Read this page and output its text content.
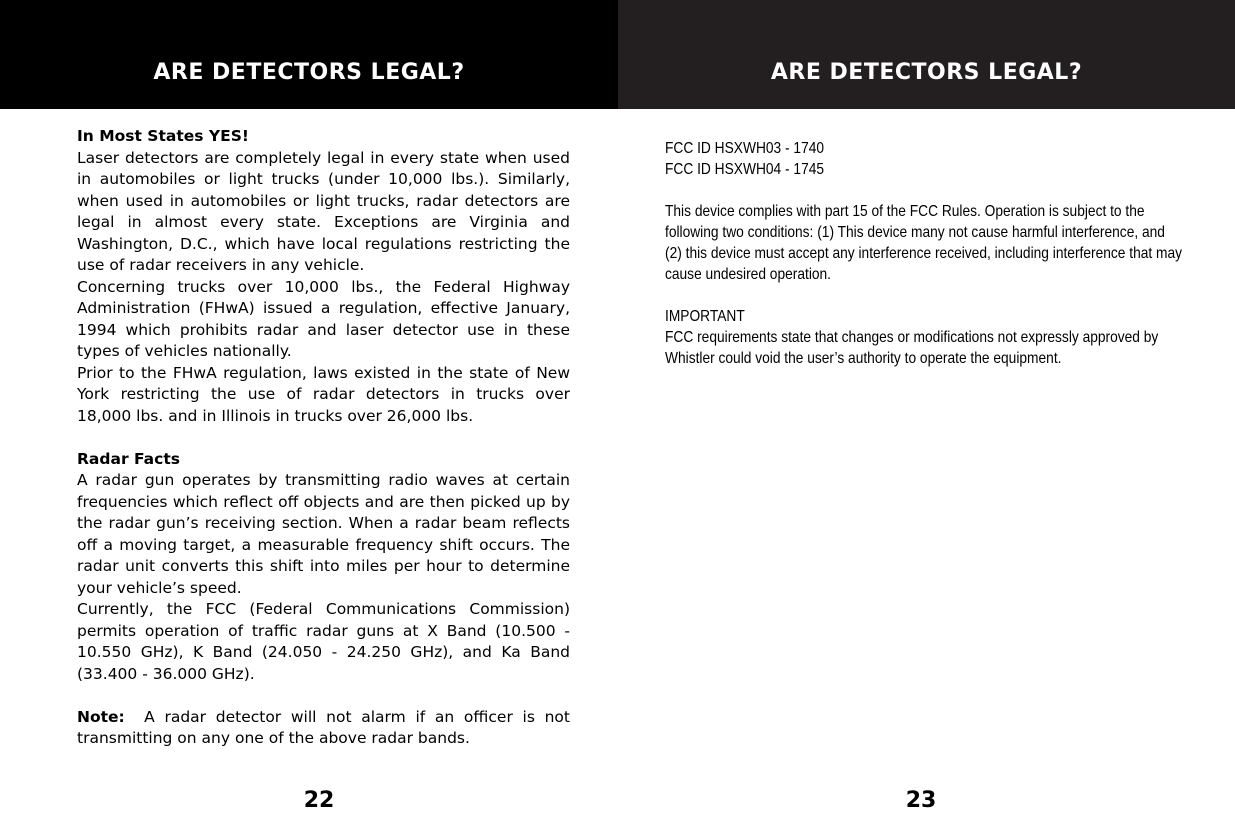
ARE DETECTORS LEGAL?

In Most States YES!

Laser detectors are completely legal in every state when used in automobiles or light trucks (under 10,000 lbs.). Similarly, when used in automobiles or light trucks, radar detectors are legal in almost every state. Exceptions are Virginia and Washington, D.C., which have local regulations restricting the use of radar receivers in any vehicle.

Concerning trucks over 10,000 lbs., the Federal Highway Administration (FHwA) issued a regulation, effective January, 1994 which prohibits radar and laser detector use in these types of vehicles nationally.

Prior to the FHwA regulation, laws existed in the state of New York restricting the use of radar detectors in trucks over 18,000 lbs. and in Illinois in trucks over 26,000 lbs.

Radar Facts

A radar gun operates by transmitting radio waves at certain frequencies which reflect off objects and are then picked up by the radar gun’s receiving section. When a radar beam reflects off a moving target, a measurable frequency shift occurs. The radar unit converts this shift into miles per hour to determine your vehicle’s speed.

Currently, the FCC (Federal Communications Commission) permits operation of traffic radar guns at X Band (10.500 - 10.550 GHz), K Band (24.050 - 24.250 GHz), and Ka Band (33.400 - 36.000 GHz).

Note: A radar detector will not alarm if an officer is not transmitting on any one of the above radar bands.

22
ARE DETECTORS LEGAL?

FCC ID HSXWH03 - 1740

FCC ID HSXWH04 - 1745

This device complies with part 15 of the FCC Rules. Operation is subject to the following two conditions: (1) This device many not cause harmful interference, and (2) this device must accept any interference received, including interference that may cause undesired operation.

IMPORTANT

FCC requirements state that changes or modifications not expressly approved by Whistler could void the user’s authority to operate the equipment.

23
